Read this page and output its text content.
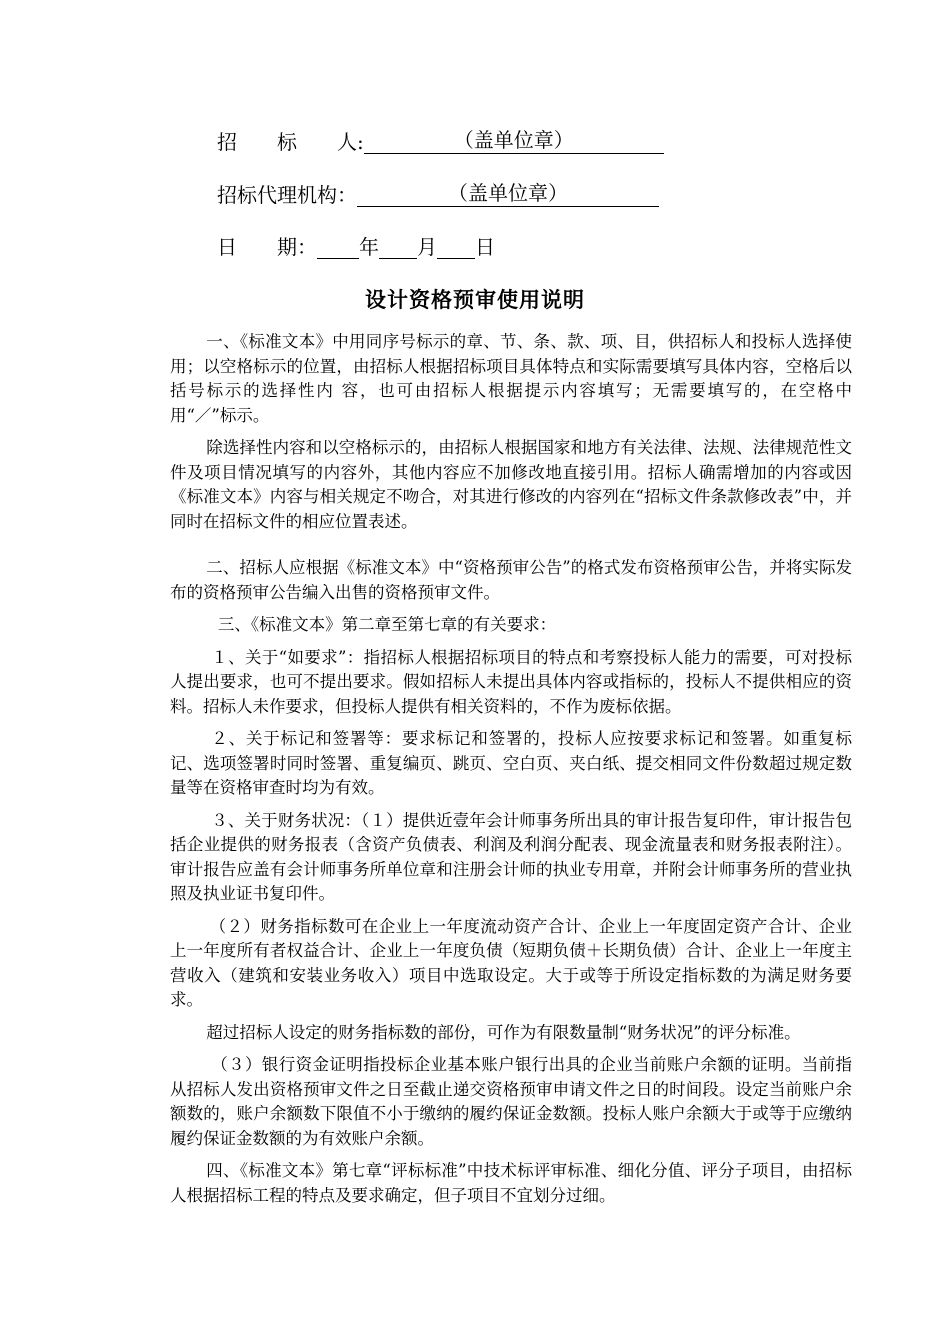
招　　标　　人:	（盖单位章）
招标代理机构：	（盖单位章）
日　　期： 年 月 日
设计资格预审使用说明

一、《标准文本》中用同序号标示的章、节、条、款、项、目，供招标人和投标人选择使用；以空格标示的位置，由招标人根据招标项目具体特点和实际需要填写具体内容，空格后以括号标示的选择性内 容，也可由招标人根据提示内容填写；无需要填写的，在空格中用“／”标示。

除选择性内容和以空格标示的，由招标人根据国家和地方有关法律、法规、法律规范性文件及项目情况填写的内容外，其他内容应不加修改地直接引用。招标人确需增加的内容或因《标准文本》内容与相关规定不吻合，对其进行修改的内容列在“招标文件条款修改表”中，并同时在招标文件的相应位置表述。

二、招标人应根据《标准文本》中“资格预审公告”的格式发布资格预审公告，并将实际发布的资格预审公告编入出售的资格预审文件。

三、《标准文本》第二章至第七章的有关要求：

１、关于“如要求”：指招标人根据招标项目的特点和考察投标人能力的需要，可对投标人提出要求，也可不提出要求。假如招标人未提出具体内容或指标的，投标人不提供相应的资料。招标人未作要求，但投标人提供有相关资料的，不作为废标依据。

２、关于标记和签署等：要求标记和签署的，投标人应按要求标记和签署。如重复标记、选项签署时同时签署、重复编页、跳页、空白页、夹白纸、提交相同文件份数超过规定数量等在资格审查时均为有效。

３、关于财务状况：（１）提供近壹年会计师事务所出具的审计报告复印件，审计报告包括企业提供的财务报表（含资产负债表、利润及利润分配表、现金流量表和财务报表附注）。审计报告应盖有会计师事务所单位章和注册会计师的执业专用章，并附会计师事务所的营业执照及执业证书复印件。

（２）财务指标数可在企业上一年度流动资产合计、企业上一年度固定资产合计、企业上一年度所有者权益合计、企业上一年度负债（短期负债＋长期负债）合计、企业上一年度主营收入（建筑和安装业务收入）项目中选取设定。大于或等于所设定指标数的为满足财务要求。

超过招标人设定的财务指标数的部份，可作为有限数量制“财务状况”的评分标准。

（３）银行资金证明指投标企业基本账户银行出具的企业当前账户余额的证明。当前指从招标人发出资格预审文件之日至截止递交资格预审申请文件之日的时间段。设定当前账户余额数的，账户余额数下限值不小于缴纳的履约保证金数额。投标人账户余额大于或等于应缴纳履约保证金数额的为有效账户余额。

四、《标准文本》第七章“评标标准”中技术标评审标准、细化分值、评分子项目，由招标人根据招标工程的特点及要求确定，但子项目不宜划分过细。
